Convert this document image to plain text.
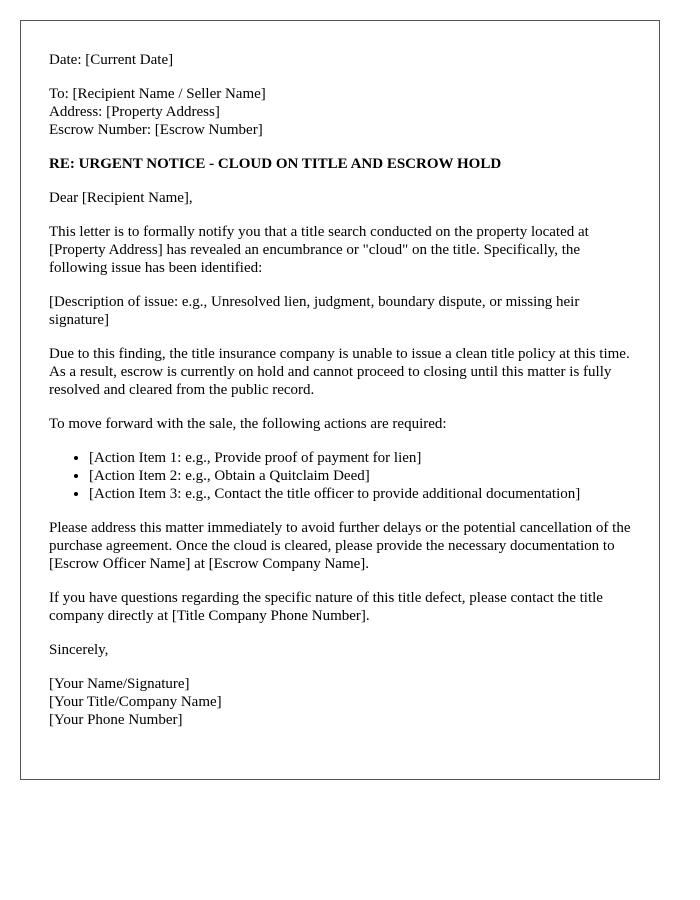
Date: [Current Date]

To: [Recipient Name / Seller Name]
Address: [Property Address]
Escrow Number: [Escrow Number]

RE: URGENT NOTICE - CLOUD ON TITLE AND ESCROW HOLD

Dear [Recipient Name],

This letter is to formally notify you that a title search conducted on the property located at [Property Address] has revealed an encumbrance or "cloud" on the title. Specifically, the following issue has been identified:

[Description of issue: e.g., Unresolved lien, judgment, boundary dispute, or missing heir signature]

Due to this finding, the title insurance company is unable to issue a clean title policy at this time. As a result, escrow is currently on hold and cannot proceed to closing until this matter is fully resolved and cleared from the public record.

To move forward with the sale, the following actions are required:

• [Action Item 1: e.g., Provide proof of payment for lien]
• [Action Item 2: e.g., Obtain a Quitclaim Deed]
• [Action Item 3: e.g., Contact the title officer to provide additional documentation]

Please address this matter immediately to avoid further delays or the potential cancellation of the purchase agreement. Once the cloud is cleared, please provide the necessary documentation to [Escrow Officer Name] at [Escrow Company Name].

If you have questions regarding the specific nature of this title defect, please contact the title company directly at [Title Company Phone Number].

Sincerely,

[Your Name/Signature]
[Your Title/Company Name]
[Your Phone Number]
